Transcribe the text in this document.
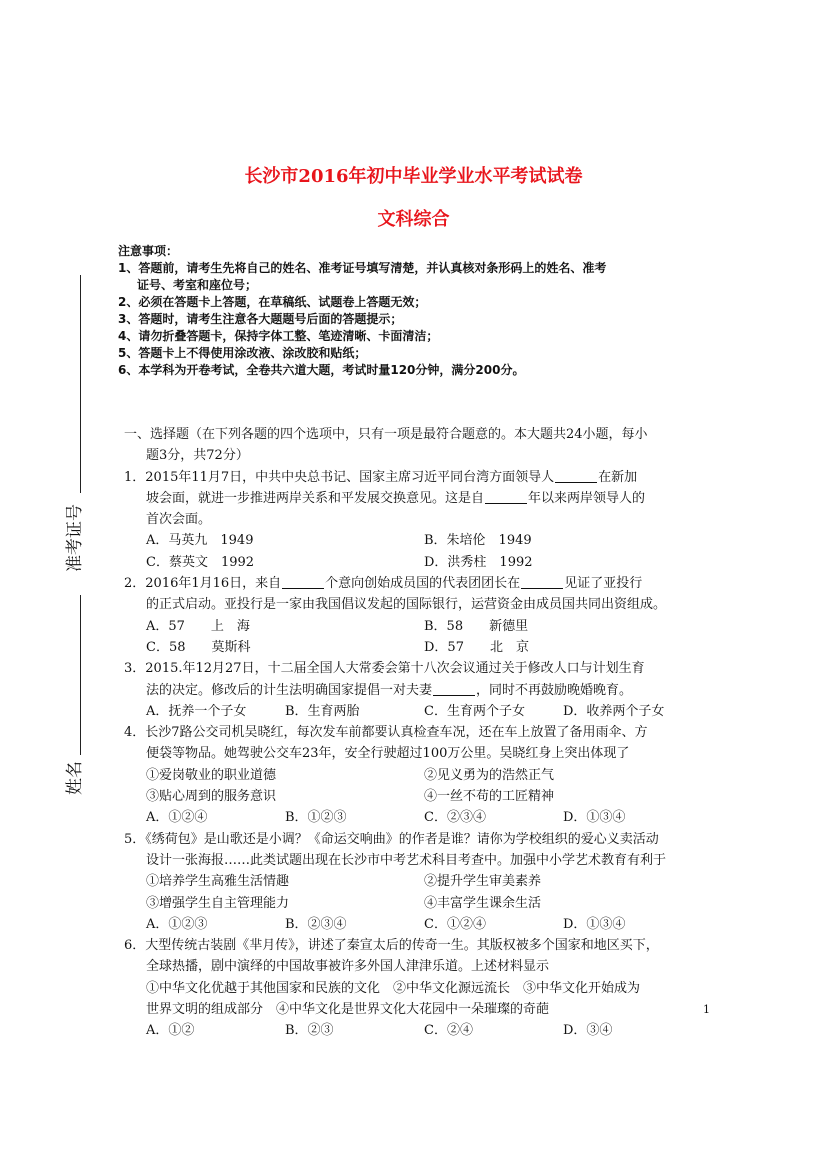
长沙市2016年初中毕业学业水平考试试卷
文科综合
注意事项：
1、答题前，请考生先将自己的姓名、准考证号填写清楚，并认真核对条形码上的姓名、准考
证号、考室和座位号；
2、必须在答题卡上答题，在草稿纸、试题卷上答题无效；
3、答题时，请考生注意各大题题号后面的答题提示；
4、请勿折叠答题卡，保持字体工整、笔迹清晰、卡面清洁；
5、答题卡上不得使用涂改液、涂改胶和贴纸；
6、本学科为开卷考试，全卷共六道大题，考试时量120分钟，满分200分。
准考证号
姓名
一、选择题（在下列各题的四个选项中，只有一项是最符合题意的。本大题共24小题，每小
题3分，共72分）
1．2015年11月7日，中共中央总书记、国家主席习近平同台湾方面领导人	在新加
坡会面，就进一步推进两岸关系和平发展交换意见。这是自	年以来两岸领导人的
首次会面。
A．马英九　1949	B．朱培伦　1949
C．蔡英文　1992	D．洪秀柱　1992
2．2016年1月16日，来自	个意向创始成员国的代表团团长在	见证了亚投行
的正式启动。亚投行是一家由我国倡议发起的国际银行，运营资金由成员国共同出资组成。
A．57　　上　海	B．58　　新德里
C．58　　莫斯科	D．57　　北　京
3．2015.年12月27日，十二届全国人大常委会第十八次会议通过关于修改人口与计划生育
法的决定。修改后的计生法明确国家提倡一对夫妻	，同时不再鼓励晚婚晚育。
A．抚养一个子女	B．生育两胎	C．生育两个子女	D．收养两个子女
4．长沙7路公交司机吴晓红，每次发车前都要认真检查车况，还在车上放置了备用雨伞、方
便袋等物品。她驾驶公交车23年，安全行驶超过100万公里。吴晓红身上突出体现了
①爱岗敬业的职业道德	②见义勇为的浩然正气
③贴心周到的服务意识	④一丝不苟的工匠精神
A．①②④	B．①②③	C．②③④	D．①③④
5．《绣荷包》是山歌还是小调？《命运交响曲》的作者是谁？请你为学校组织的爱心义卖活动
设计一张海报……此类试题出现在长沙市中考艺术科目考查中。加强中小学艺术教育有利于
①培养学生高雅生活情趣	②提升学生审美素养
③增强学生自主管理能力	④丰富学生课余生活
A．①②③	B．②③④	C．①②④	D．①③④
6．大型传统古装剧《芈月传》，讲述了秦宣太后的传奇一生。其版权被多个国家和地区买下，
全球热播，剧中演绎的中国故事被许多外国人津津乐道。上述材料显示
①中华文化优越于其他国家和民族的文化　②中华文化源远流长　③中华文化开始成为
世界文明的组成部分　④中华文化是世界文化大花园中一朵璀璨的奇葩
A．①②	B．②③	C．②④	D．③④
1
